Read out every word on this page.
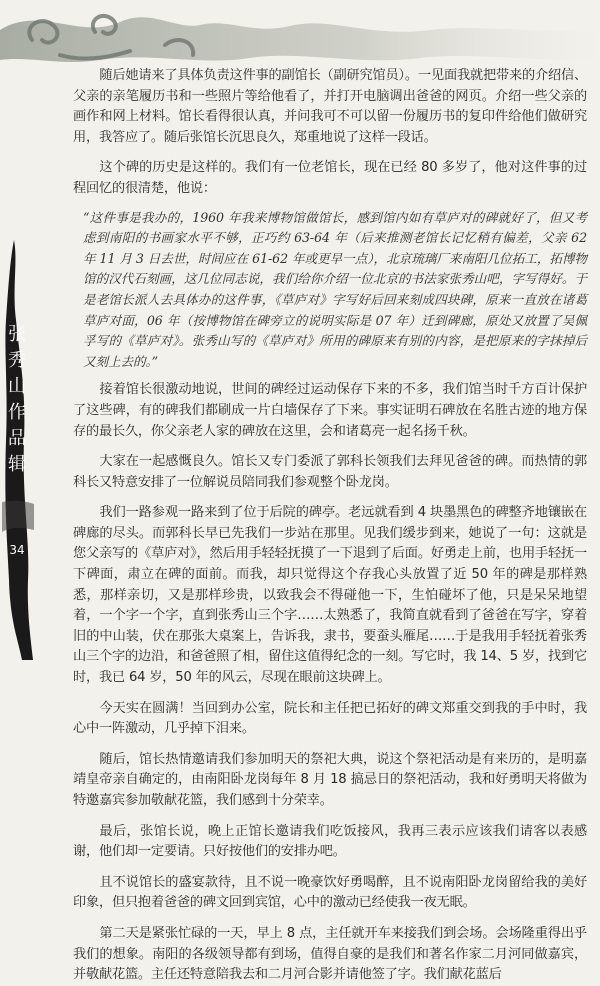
张秀山作品辑
34

随后她请来了具体负责这件事的副馆长（副研究馆员）。一见面我就把带来的介绍信、父亲的亲笔履历书和一些照片等给他看了，并打开电脑调出爸爸的网页。介绍一些父亲的画作和网上材料。馆长看得很认真，并问我可不可以留一份履历书的复印件给他们做研究用，我答应了。随后张馆长沉思良久，郑重地说了这样一段话。

这个碑的历史是这样的。我们有一位老馆长，现在已经 80 多岁了，他对这件事的过程回忆的很清楚，他说：

“这件事是我办的，1960 年我来博物馆做馆长，感到馆内如有草庐对的碑就好了，但又考虑到南阳的书画家水平不够，正巧约 63-64 年（后来推测老馆长记忆稍有偏差，父亲 62 年 11 月 3 日去世，时间应在 61-62 年或更早一点），北京琉璃厂来南阳几位拓工，拓博物馆的汉代石刻画，这几位同志说，我们给你介绍一位北京的书法家张秀山吧，字写得好。于是老馆长派人去具体办的这件事，《草庐对》字写好后回来刻成四块碑，原来一直放在诸葛草庐对面，06 年（按博物馆在碑旁立的说明实际是 07 年）迁到碑廊，原处又放置了吴佩孚写的《草庐对》。张秀山写的《草庐对》所用的碑原来有别的内容，是把原来的字抹掉后又刻上去的。”

接着馆长很激动地说，世间的碑经过运动保存下来的不多，我们馆当时千方百计保护了这些碑，有的碑我们都刷成一片白墙保存了下来。事实证明石碑放在名胜古迹的地方保存的最长久，你父亲老人家的碑放在这里，会和诸葛亮一起名扬千秋。

大家在一起感慨良久。馆长又专门委派了郭科长领我们去拜见爸爸的碑。而热情的郭科长又特意安排了一位解说员陪同我们参观整个卧龙岗。

我们一路参观一路来到了位于后院的碑亭。老远就看到 4 块墨黑色的碑整齐地镶嵌在碑廊的尽头。而郭科长早已先我们一步站在那里。见我们缓步到来，她说了一句：这就是您父亲写的《草庐对》，然后用手轻轻抚摸了一下退到了后面。好勇走上前，也用手轻抚一下碑面，肃立在碑的面前。而我，却只觉得这个存我心头放置了近 50 年的碑是那样熟悉，那样亲切，又是那样珍贵，以致我会不得碰他一下，生怕碰坏了他，只是呆呆地望着，一个字一个字，直到张秀山三个字……太熟悉了，我简直就看到了爸爸在写字，穿着旧的中山装，伏在那张大桌案上，告诉我，隶书，要蚕头雁尾……于是我用手轻抚着张秀山三个字的边沿，和爸爸照了相，留住这值得纪念的一刻。写它时，我 14、5 岁，找到它时，我已 64 岁，50 年的风云，尽现在眼前这块碑上。

今天实在圆满！当回到办公室，院长和主任把已拓好的碑文郑重交到我的手中时，我心中一阵激动，几乎掉下泪来。

随后，馆长热情邀请我们参加明天的祭祀大典，说这个祭祀活动是有来历的，是明嘉靖皇帝亲自确定的，由南阳卧龙岗每年 8 月 18 搞忌日的祭祀活动，我和好勇明天将做为特邀嘉宾参加敬献花篮，我们感到十分荣幸。

最后，张馆长说，晚上正馆长邀请我们吃饭接风，我再三表示应该我们请客以表感谢，他们却一定要请。只好按他们的安排办吧。

且不说馆长的盛宴款待，且不说一晚豪饮好勇喝醉，且不说南阳卧龙岗留给我的美好印象，但只抱着爸爸的碑文回到宾馆，心中的激动已经使我一夜无眠。

第二天是紧张忙碌的一天，早上 8 点，主任就开车来接我们到会场。会场隆重得出乎我们的想象。南阳的各级领导都有到场，值得自豪的是我们和著名作家二月河同做嘉宾，并敬献花篮。主任还特意陪我去和二月河合影并请他签了字。我们献花蓝后
